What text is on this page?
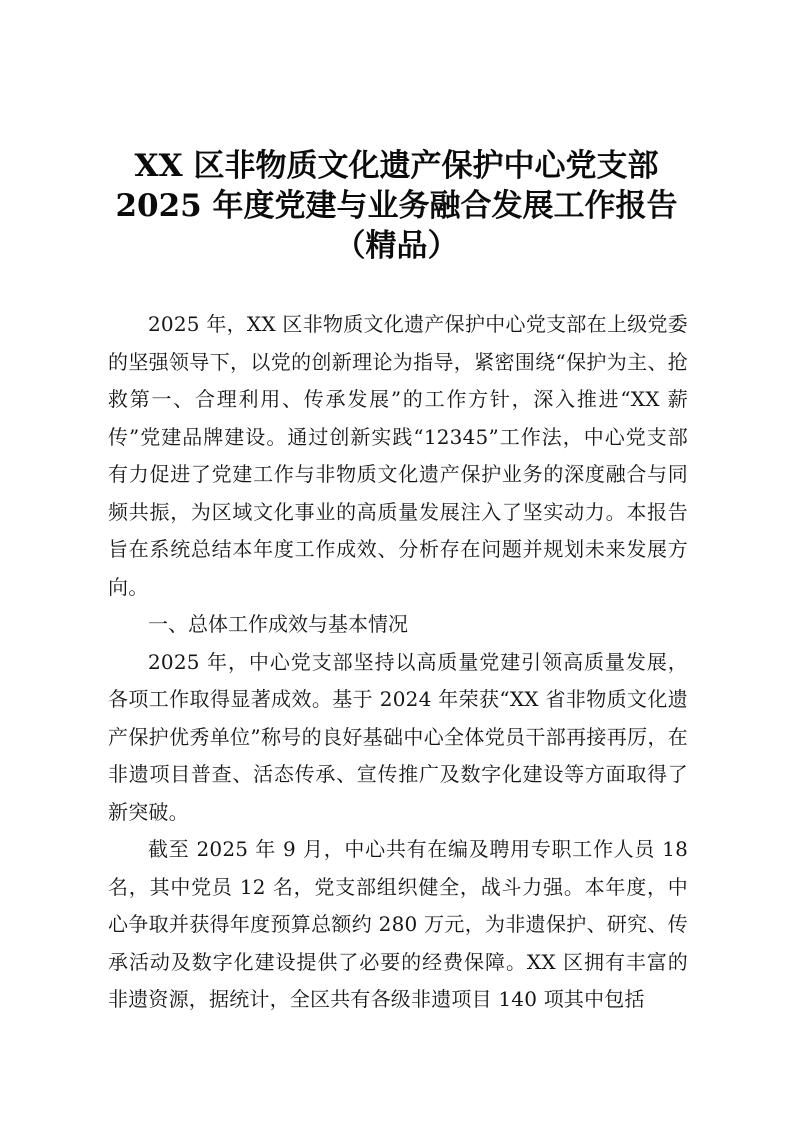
XX 区非物质文化遗产保护中心党支部
2025 年度党建与业务融合发展工作报告
（精品）

2025 年，XX 区非物质文化遗产保护中心党支部在上级党委的坚强领导下，以党的创新理论为指导，紧密围绕“保护为主、抢救第一、合理利用、传承发展”的工作方针，深入推进“XX 薪传”党建品牌建设。通过创新实践“12345”工作法，中心党支部有力促进了党建工作与非物质文化遗产保护业务的深度融合与同频共振，为区域文化事业的高质量发展注入了坚实动力。本报告旨在系统总结本年度工作成效、分析存在问题并规划未来发展方向。

一、总体工作成效与基本情况

2025 年，中心党支部坚持以高质量党建引领高质量发展，各项工作取得显著成效。基于 2024 年荣获“XX 省非物质文化遗产保护优秀单位”称号的良好基础中心全体党员干部再接再厉，在非遗项目普查、活态传承、宣传推广及数字化建设等方面取得了新突破。

截至 2025 年 9 月，中心共有在编及聘用专职工作人员 18 名，其中党员 12 名，党支部组织健全，战斗力强。本年度，中心争取并获得年度预算总额约 280 万元，为非遗保护、研究、传承活动及数字化建设提供了必要的经费保障。XX 区拥有丰富的非遗资源，据统计，全区共有各级非遗项目 140 项其中包括
